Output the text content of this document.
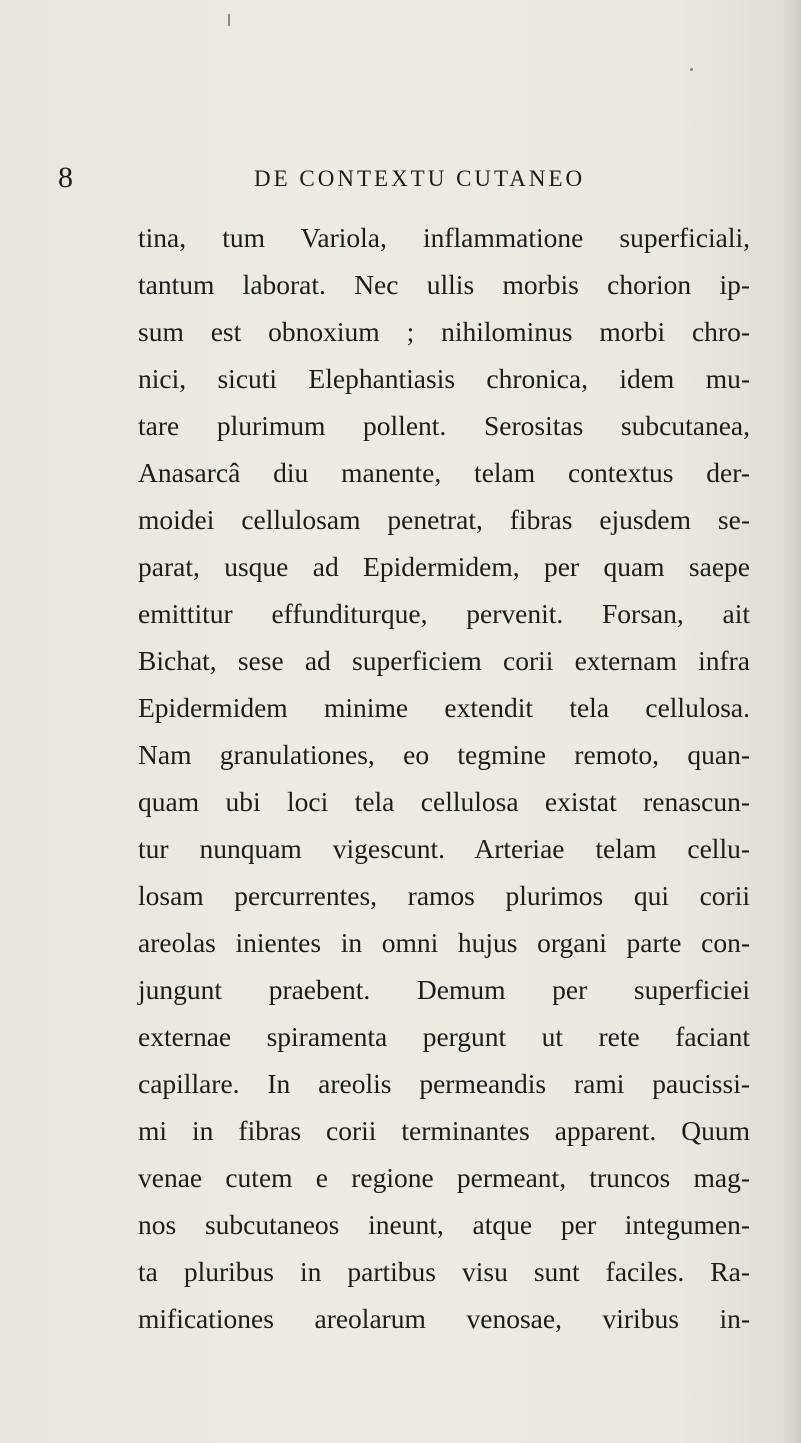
8	DE CONTEXTU CUTANEO
tina, tum Variola, inflammatione superficiali,
tantum laborat. Nec ullis morbis chorion ip-
sum est obnoxium ; nihilominus morbi chro-
nici, sicuti Elephantiasis chronica, idem mu-
tare plurimum pollent. Serositas subcutanea,
Anasarcâ diu manente, telam contextus der-
moidei cellulosam penetrat, fibras ejusdem se-
parat, usque ad Epidermidem, per quam saepe
emittitur effunditurque, pervenit. Forsan, ait
Bichat, sese ad superficiem corii externam infra
Epidermidem minime extendit tela cellulosa.
Nam granulationes, eo tegmine remoto, quan-
quam ubi loci tela cellulosa existat renascun-
tur nunquam vigescunt. Arteriae telam cellu-
losam percurrentes, ramos plurimos qui corii
areolas inientes in omni hujus organi parte con-
jungunt praebent. Demum per superficiei
externae spiramenta pergunt ut rete faciant
capillare. In areolis permeandis rami paucissi-
mi in fibras corii terminantes apparent. Quum
venae cutem e regione permeant, truncos mag-
nos subcutaneos ineunt, atque per integumen-
ta pluribus in partibus visu sunt faciles. Ra-
mificationes areolarum venosae, viribus in-
